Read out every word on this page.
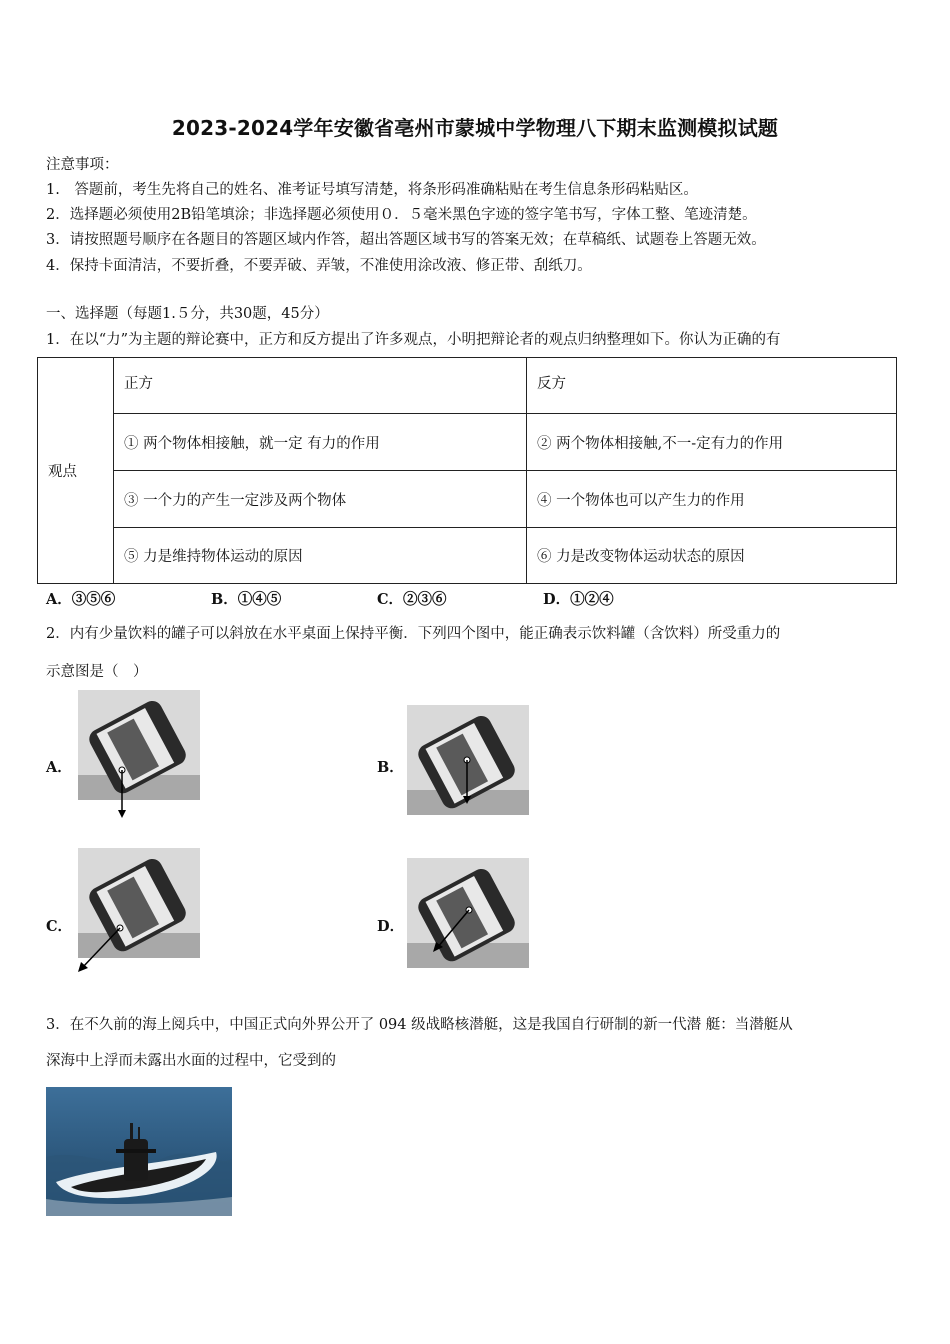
2023-2024学年安徽省亳州市蒙城中学物理八下期末监测模拟试题
注意事项：
1.　答题前，考生先将自己的姓名、准考证号填写清楚，将条形码准确粘贴在考生信息条形码粘贴区。
2．选择题必须使用2B铅笔填涂；非选择题必须使用０．５毫米黑色字迹的签字笔书写，字体工整、笔迹清楚。
3．请按照题号顺序在各题目的答题区域内作答，超出答题区域书写的答案无效；在草稿纸、试题卷上答题无效。
4．保持卡面清洁，不要折叠，不要弄破、弄皱，不准使用涂改液、修正带、刮纸刀。
一、选择题（每题1.５分，共30题，45分）
1．在以“力”为主题的辩论赛中，正方和反方提出了许多观点，小明把辩论者的观点归纳整理如下。你认为正确的有
观点	正方	反方
	① 两个物体相接触，就一定 有力的作用	② 两个物体相接触,不一-定有力的作用
	③ 一个力的产生一定涉及两个物体	④ 一个物体也可以产生力的作用
	⑤ 力是维持物体运动的原因	⑥ 力是改变物体运动状态的原因
A．③⑤⑥	B．①④⑤	C．②③⑥	D．①②④
2．内有少量饮料的罐子可以斜放在水平桌面上保持平衡．下列四个图中，能正确表示饮料罐（含饮料）所受重力的
示意图是（　）
A．	B．
C．	D．
3．在不久前的海上阅兵中，中国正式向外界公开了 094 级战略核潜艇，这是我国自行研制的新一代潜 艇：当潜艇从
深海中上浮而未露出水面的过程中，它受到的
